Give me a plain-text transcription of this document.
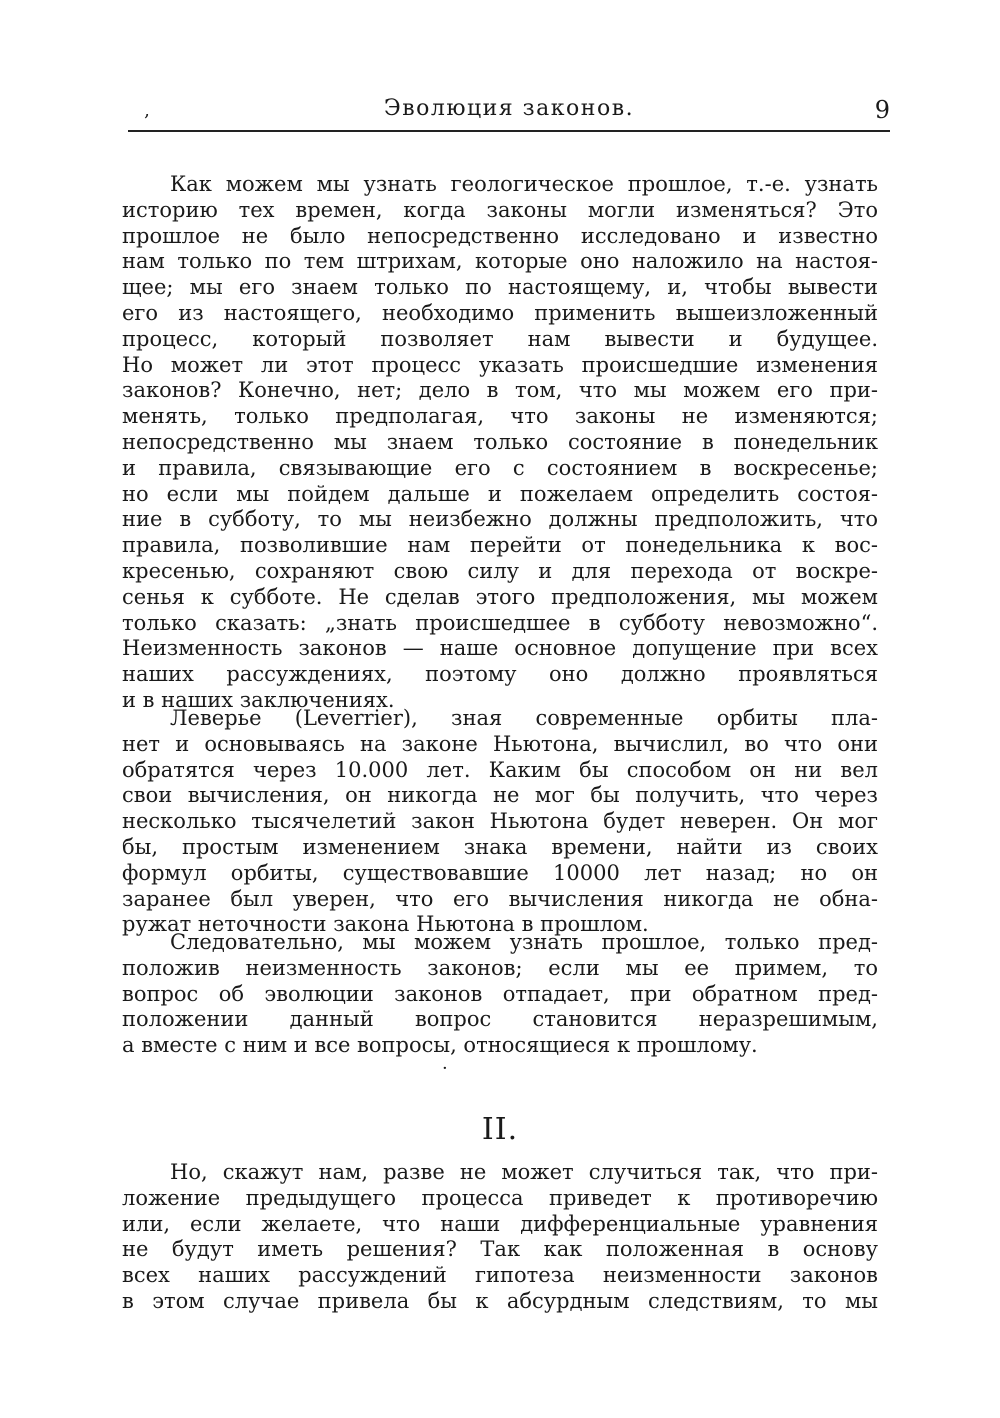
‚	Эволюция законов.	9
Как можем мы узнать геологическое прошлое, т.-е. узнать
историю тех времен, когда законы могли изменяться? Это
прошлое не было непосредственно исследовано и известно
нам только по тем штрихам, которые оно наложило на настоя-
щее; мы его знаем только по настоящему, и, чтобы вывести
его из настоящего, необходимо применить вышеизложенный
процесс, который позволяет нам вывести и будущее.
Но может ли этот процесс указать происшедшие изменения
законов? Конечно, нет; дело в том, что мы можем его при-
менять, только предполагая, что законы не изменяются;
непосредственно мы знаем только состояние в понедельник
и правила, связывающие его с состоянием в воскресенье;
но если мы пойдем дальше и пожелаем определить состоя-
ние в субботу, то мы неизбежно должны предположить, что
правила, позволившие нам перейти от понедельника к вос-
кресенью, сохраняют свою силу и для перехода от воскре-
сенья к субботе. Не сделав этого предположения, мы можем
только сказать: „знать происшедшее в субботу невозможно“.
Неизменность законов — наше основное допущение при всех
наших рассуждениях, поэтому оно должно проявляться
и в наших заключениях.
Леверье (Leverrier), зная современные орбиты пла-
нет и основываясь на законе Ньютона, вычислил, во что они
обратятся через 10.000 лет. Каким бы способом он ни вел
свои вычисления, он никогда не мог бы получить, что через
несколько тысячелетий закон Ньютона будет неверен. Он мог
бы, простым изменением знака времени, найти из своих
формул орбиты, существовавшие 10000 лет назад; но он
заранее был уверен, что его вычисления никогда не обна-
ружат неточности закона Ньютона в прошлом.
Следовательно, мы можем узнать прошлое, только пред-
положив неизменность законов; если мы ее примем, то
вопрос об эволюции законов отпадает, при обратном пред-
положении данный вопрос становится неразрешимым,
а вместе с ним и все вопросы, относящиеся к прошлому.
·
II.
Но, скажут нам, разве не может случиться так, что при-
ложение предыдущего процесса приведет к противоречию
или, если желаете, что наши дифференциальные уравнения
не будут иметь решения? Так как положенная в основу
всех наших рассуждений гипотеза неизменности законов
в этом случае привела бы к абсурдным следствиям, то мы
